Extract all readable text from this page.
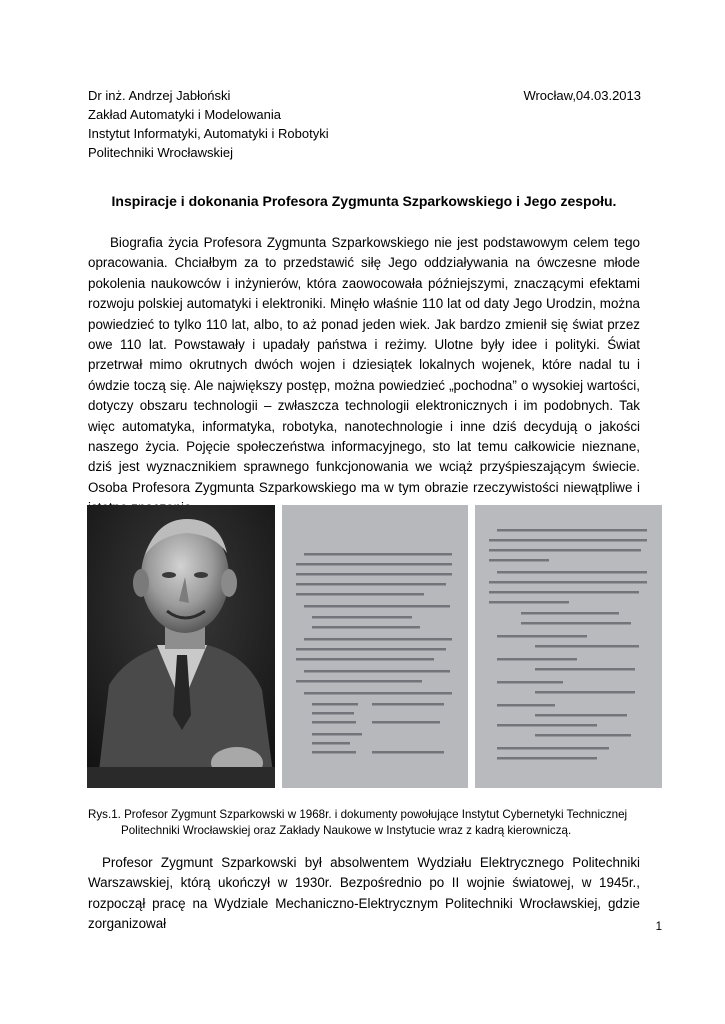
Dr inż. Andrzej Jabłoński
Zakład Automatyki i Modelowania
Instytut Informatyki, Automatyki i Robotyki
Politechniki Wrocławskiej
Wrocław,04.03.2013
Inspiracje i dokonania Profesora Zygmunta Szparkowskiego i Jego zespołu.
Biografia życia Profesora Zygmunta Szparkowskiego nie jest podstawowym celem tego opracowania. Chciałbym za to przedstawić siłę Jego oddziaływania na ówczesne młode pokolenia naukowców i inżynierów, która zaowocowała późniejszymi, znaczącymi efektami rozwoju polskiej automatyki i elektroniki. Minęło właśnie 110 lat od daty Jego Urodzin, można powiedzieć to tylko 110 lat, albo, to aż ponad jeden wiek. Jak bardzo zmienił się świat przez owe 110 lat. Powstawały i upadały państwa i reżimy. Ulotne były idee i polityki. Świat przetrwał mimo okrutnych dwóch wojen i dziesiątek lokalnych wojenek, które nadal tu i ówdzie toczą się. Ale największy postęp, można powiedzieć „pochodna” o wysokiej wartości, dotyczy obszaru technologii – zwłaszcza technologii elektronicznych i im podobnych. Tak więc automatyka, informatyka, robotyka, nanotechnologie i inne dziś decydują o jakości naszego życia. Pojęcie społeczeństwa informacyjnego, sto lat temu całkowicie nieznane, dziś jest wyznacznikiem sprawnego funkcjonowania we wciąż przyśpieszającym świecie. Osoba Profesora Zygmunta Szparkowskiego ma w tym obrazie rzeczywistości niewątpliwe i
Rys.1. Profesor Zygmunt Szparkowski w 1968r. i dokumenty powołujące Instytut Cybernetyki Technicznej
Politechniki Wrocławskiej oraz Zakłady Naukowe w Instytucie wraz z kadrą kierowniczą.
Profesor Zygmunt Szparkowski był absolwentem Wydziału Elektrycznego Politechniki Warszawskiej, którą ukończył w 1930r. Bezpośrednio po II wojnie światowej, w 1945r., rozpoczął pracę na Wydziale Mechaniczno-Elektrycznym Politechniki Wrocławskiej, gdzie zorganizował	1
